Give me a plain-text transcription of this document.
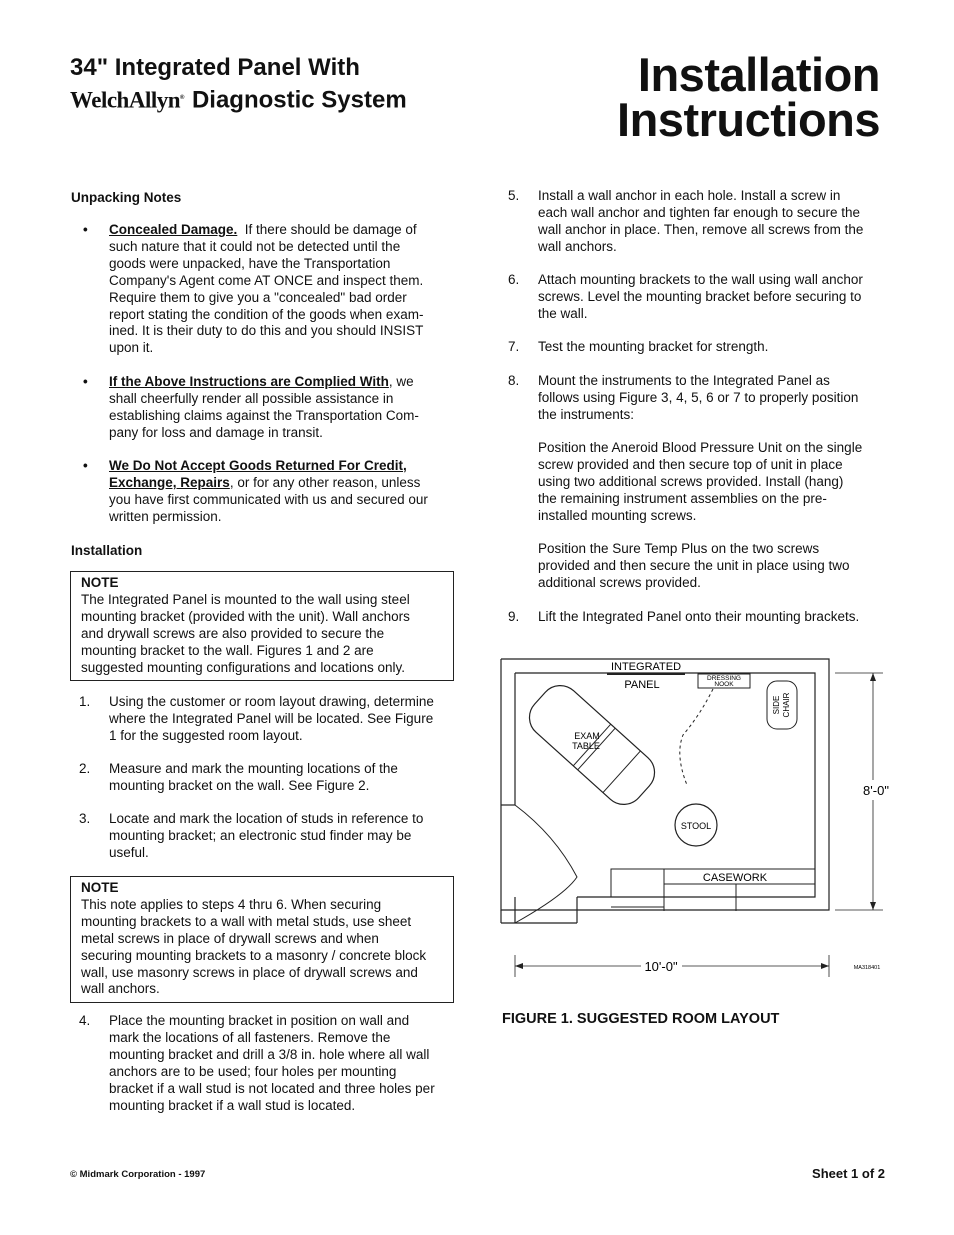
34" Integrated Panel With
WelchAllyn® Diagnostic System	Installation
Instructions
Unpacking Notes
• Concealed Damage.  If there should be damage of
such nature that it could not be detected until the
goods were unpacked, have the Transportation
Company's Agent come AT ONCE and inspect them.
Require them to give you a "concealed" bad order
report stating the condition of the goods when exam-
ined. It is their duty to do this and you should INSIST
upon it.
• If the Above Instructions are Complied With, we
shall cheerfully render all possible assistance in
establishing claims against the Transportation Com-
pany for loss and damage in transit.
• We Do Not Accept Goods Returned For Credit,
Exchange, Repairs, or for any other reason, unless
you have first communicated with us and secured our
written permission.
Installation
NOTE
The Integrated Panel is mounted to the wall using steel
mounting bracket (provided with the unit). Wall anchors
and drywall screws are also provided to secure the
mounting bracket to the wall. Figures 1 and 2 are
suggested mounting configurations and locations only.
1. Using the customer or room layout drawing, determine
where the Integrated Panel will be located. See Figure
1 for the suggested room layout.
2. Measure and mark the mounting locations of the
mounting bracket on the wall. See Figure 2.
3. Locate and mark the location of studs in reference to
mounting bracket; an electronic stud finder may be
useful.
NOTE
This note applies to steps 4 thru 6. When securing
mounting brackets to a wall with metal studs, use sheet
metal screws in place of drywall screws and when
securing mounting brackets to a masonry / concrete block
wall, use masonry screws in place of drywall screws and
wall anchors.
4. Place the mounting bracket in position on wall and
mark the locations of all fasteners. Remove the
mounting bracket and drill a 3/8 in. hole where all wall
anchors are to be used; four holes per mounting
bracket if a wall stud is not located and three holes per
mounting bracket if a wall stud is located.
5. Install a wall anchor in each hole. Install a screw in
each wall anchor and tighten far enough to secure the
wall anchor in place. Then, remove all screws from the
wall anchors.
6. Attach mounting brackets to the wall using wall anchor
screws. Level the mounting bracket before securing to
the wall.
7. Test the mounting bracket for strength.
8. Mount the instruments to the Integrated Panel as
follows using Figure 3, 4, 5, 6 or 7 to properly position
the instruments:
Position the Aneroid Blood Pressure Unit on the single
screw provided and then secure top of unit in place
using two additional screws provided. Install (hang)
the remaining instrument assemblies on the pre-
installed mounting screws.
Position the Sure Temp Plus on the two screws
provided and then secure the unit in place using two
additional screws provided.
9. Lift the Integrated Panel onto their mounting brackets.
INTEGRATED
PANEL
DRESSING
NOOK
SIDE CHAIR
EXAM
TABLE
STOOL
CASEWORK
8'-0"
10'-0"	MA318401
FIGURE 1. SUGGESTED ROOM LAYOUT
© Midmark Corporation - 1997	Sheet 1 of 2
